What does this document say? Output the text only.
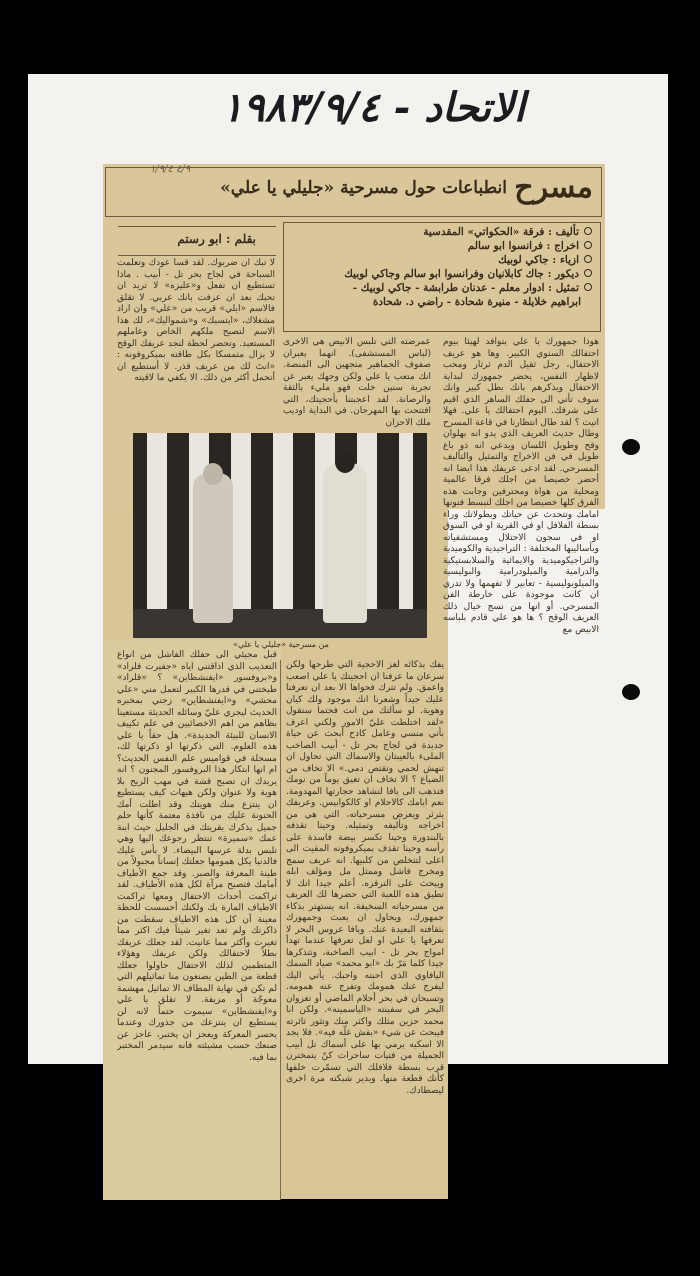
الاتحاد - ١٩٨٣/٩/٤
٤/٩ ١/٩/٤
مسرح
انطباعات حول مسرحية «جليلي يا علي»
تأليف : فرقة «الحكواتي» المقدسية
اخراج : فرانسوا ابو سالم
ازياء : جاكي لوبيك
ديكور : جاك كابلانيان وفرانسوا ابو سالم وجاكي لوبيك
تمثيل : ادوار معلم - عدنان طرابشة - جاكي لوبيك -
ابراهيم خلايلة - منيرة شحادة - راضي د. شحادة
بقلم : ابو رستم
لا تبك ان ضربوك. لقد قسا عودك وتعلمت السباحة في لجاج بحر تل - أبيب . ماذا تستطيع ان تفعل و«عليزه» لا تريد ان تحبك بعد ان عرفت بانك عربي. لا تقلق فالاسم «ايلي» قريب من «علي» وان اراد مشغلاك، «ايتسيك» و«شمواليك»، لك هذا الاسم لتصبح ملكهم الخاص وعاملهم المستعبد. وتحضر لحظة لتجد عريفك الوقح لا يزال متمسكا بكل طاقته بميكروفونه : «انتَ لك من عريف قذر. لا أستطيع ان أتحمل أكثر من ذلك. الا يكفي ما لاقيته
عمرضته التي تلبس الابيض هي الاخرى (لباس المستشفى). انهما يعبران صفوف الجماهير متجهين الى المنصة. انك متعب يا علي ولكن وجهك يعبر عن تجربة سنين خلت فهو مليء بالثقة والرصانة. لقد اعجبتنا بأحجيتك، التي افتتحت بها المهرجان. في البداية اوديب ملك الاحزان
هوذا جمهورك يا علي يتوافد لهيئا بيوم احتفالك السنوي الكبير. وها هو عريف الاحتفال، رجل ثقيل الدم ثرثار ومحب لاظهار النفس، يحضر جمهورك لبداية الاحتفال ويذكرهم بانك بطل كبير وانك سوف تأتي الى حفلك الساهر الذي اقيم على شرفك. اليوم احتفالك يا علي. فهلا اتيت ؟ لقد طال انتظارنا في قاعة المسرح وطال حديث العريف الذي يدو انه بهلوان وقح وطويل اللسان ويدعي انه ذو باع طويل في فن الاخراج والتمثيل والتأليف المسرحي. لقد ادعى عريفك هذا ايضا انه أحضر خصيصا من اجلك فرقا عالمية ومحلية من هواة ومحترفين وجابت هذه الفرق كلها خصيصا من اجلك لتبسط فنونها امامك وتتحدث عن حياتك وبطولاتك وراء بسطة الفلافل او في القرية او في السوق او في سجون الاحتلال ومستشفياته وبأساليبها المختلفة : التراجيدية والكوميدية والتراجيكوميدية والايمائية والسلابستيكية والدرامية والميلودرامية والبوليسية والميلوبوليسية - تعابير لا تفهمها ولا تدري ان كانت موجودة على خارطة الفن المسرحي. أو انها من نسج خيال ذلك العريف الوقح ؟ ها هو علي قادم بلباسه الابيض مع
من مسرحية «جليلي يا علي»
قبل مجيئي الى حفلك الفاشل من انواع التعذيب الذي اذاقتني اياه «جفيرت فلراد» و«بروفسور «ايفنشطاين» ؟ «قلراد» طبختني في قدرها الكبير لتعمل مني «علي محشي» و«ايفنشطاين» زجني بمخبره الحديث ليجري عليّ وسائله الحديثة مستعينا بظاهم من اهم الاخصائيين في علم تكييف الانسان للبيئة الجديدة». هل حقاً يا علي هذه العلوم. التي ذكرتها او ذكرتها لك، مسجلة في قواميس علم النفس الحديث؟ ام انها ابتكار هذا البروفسور المجنون ؟ انه يريدك ان تصبح قشة في مهب الريح بلا هوية ولا عنوان ولكن هيهات كيف يستطيع ان ينتزع منك هويتك وقد اطلت أمك الحنونة عليك من نافذة معتمة كأنها حلم جميل يذكرك بقريتك في الجليل حيث ابنة عمك «سميرة» تنتظر رجوعك اليها وهي تلبس بدلة عرسها البيضاء. لا بأس عليك فالدنيا يكل همومها جعلتك إنساناً مجبولاً من طينة المعرفة والصبر. وقد جمع الأطياف أمامك فتصبح مرآة لكل هذه الأطياف. لقد تراكمت أحداث الاحتفال ومعها تراكمت الاطياف المارة بك ولكنك أحسست للحظة معينة أن كل هذه الاطياف سقطت من ذاكرتك ولم تعد تغير شيئاً فيك اكثر مما تغيرت وأكثر مما عانيت. لقد جعلك عريفك بطلاً لاحتفالك ولكن عريفك وهؤلاء المتطمين لذلك الاحتفال حاولوا جعلك قطعة من الطين يصنعون منا تماثيلهم التي لم تكن في نهاية المطاف الا تماثيل مهشمة معوجّة أو مزيفة. لا تقلق يا علي و«ايفنشطاين» سيموت حتماً لانه لن يستطيع ان ينتزعك من جذورك وعندما يحسر المعركة ويعجز ان يختبر، عاجز عن صنعك حسب مشيئته فانه سيدمر المختبر بما فيه.
يفك بذكائه لغز الاحجية التي طرحها ولكن سرعان ما عرفنا ان احجيتك يا علي اصعب واعمق. ولم تترك فحواها الا بعد ان تعرفنا عليك جيداً وشعرنا انك موجود ولك كيان وهوية. لو سألتك من انت فحتما ستقول «لقد اختلطت عليّ الامور ولكني اعرف بأني منسي وعامل كادح أبحث عن حياة جديدة في لجاج بحر تل - أبيب الصاخب الملىء بالعيبتان والاسماك التي تحاول ان تنهش لحمي وتقتص دمي.» الا تخاف من الضياع ؟ الا تخاف ان تغيق يوماً من نومك فتذهب الى يافا لتشاهد حجارتها المهدومة. نعم ايامك كالاحلام او كالكوابيس. وعريفك يثرثر ويعرض مسرحياته، التي هي من اخراجه وتأليفه وتمثيله. وحينا تقذفه بالبندورة وحينا تكسر بيضة فاسدة على رأسه وحينا تقذف بميكروفونه المقيت الى اعلى لتتخلص من كلبيها. انه عريف سمج ومخرج فاشل وممثل مل ومؤلف ابله ويبحث على الترفزه. أعلم جيدا انك لا تطيق هذه اللعبة التي حضرها لك العريف من مسرحياته السخيفة. انه يستهتر بذكاء جمهورك، ويحاول ان يعبث وجمهورك بثقافته البعيدة عنك. ويافا عروس البحر لا تعرفها يا علي او لعل تعرفها عندما تهدأ امواج بحر تل - ابيب الصاخبة، وتتذكرها جيدا كلما مَرّ بك «ابو محمد» صياد السمك اليافاوي الذي احبته واحبك. يأتي اليك ليفرج عنك همومك وتفرج عنه همومه. وتسبحان في بحر أحلام الماضي أو تغزوان البحر في سفينته «الياسمينه». ولكن ابا محمد حزين مثلك واكثر منك وتثور ثائرته فيبحث عن شيء «يفش غلّه فيه». فلا يجد الا اسكيه يرمي بها على أسماك تل أبيب الجميلة من فتيات ساحرات كنّ يتمخترن قرب بسطة فلافلك التي تسمّرت خلفها كأنك قطعة منها. ويدير شبكته مرة اخرى ليصطادك.
